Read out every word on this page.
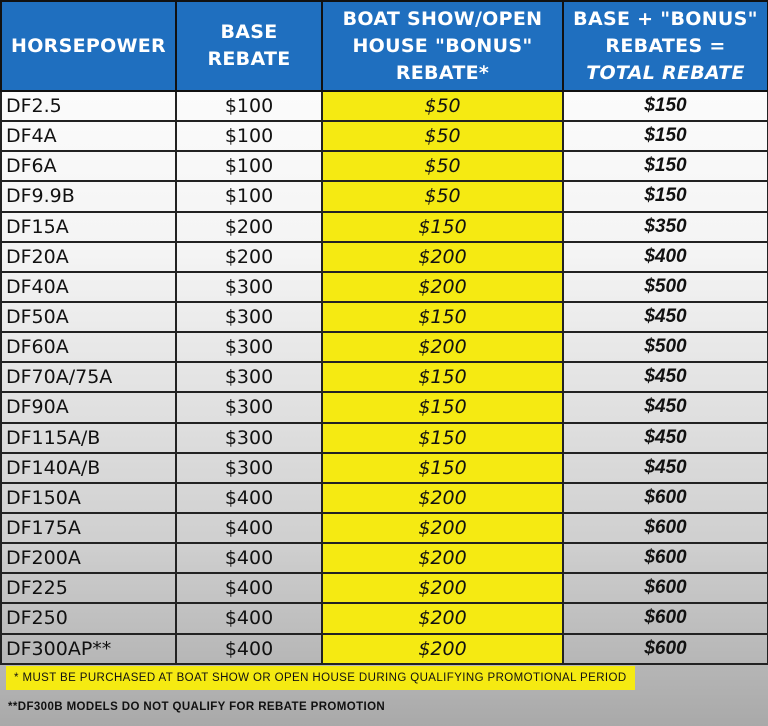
HORSEPOWER	BASE REBATE	BOAT SHOW/OPEN
HOUSE "BONUS"
REBATE*	BASE + "BONUS"
REBATES =
TOTAL REBATE

DF2.5	$100	$50	$150
DF4A	$100	$50	$150
DF6A	$100	$50	$150
DF9.9B	$100	$50	$150
DF15A	$200	$150	$350
DF20A	$200	$200	$400
DF40A	$300	$200	$500
DF50A	$300	$150	$450
DF60A	$300	$200	$500
DF70A/75A	$300	$150	$450
DF90A	$300	$150	$450
DF115A/B	$300	$150	$450
DF140A/B	$300	$150	$450
DF150A	$400	$200	$600
DF175A	$400	$200	$600
DF200A	$400	$200	$600
DF225	$400	$200	$600
DF250	$400	$200	$600
DF300AP**	$400	$200	$600
* MUST BE PURCHASED AT BOAT SHOW OR OPEN HOUSE DURING QUALIFYING PROMOTIONAL PERIOD
**DF300B MODELS DO NOT QUALIFY FOR REBATE PROMOTION
